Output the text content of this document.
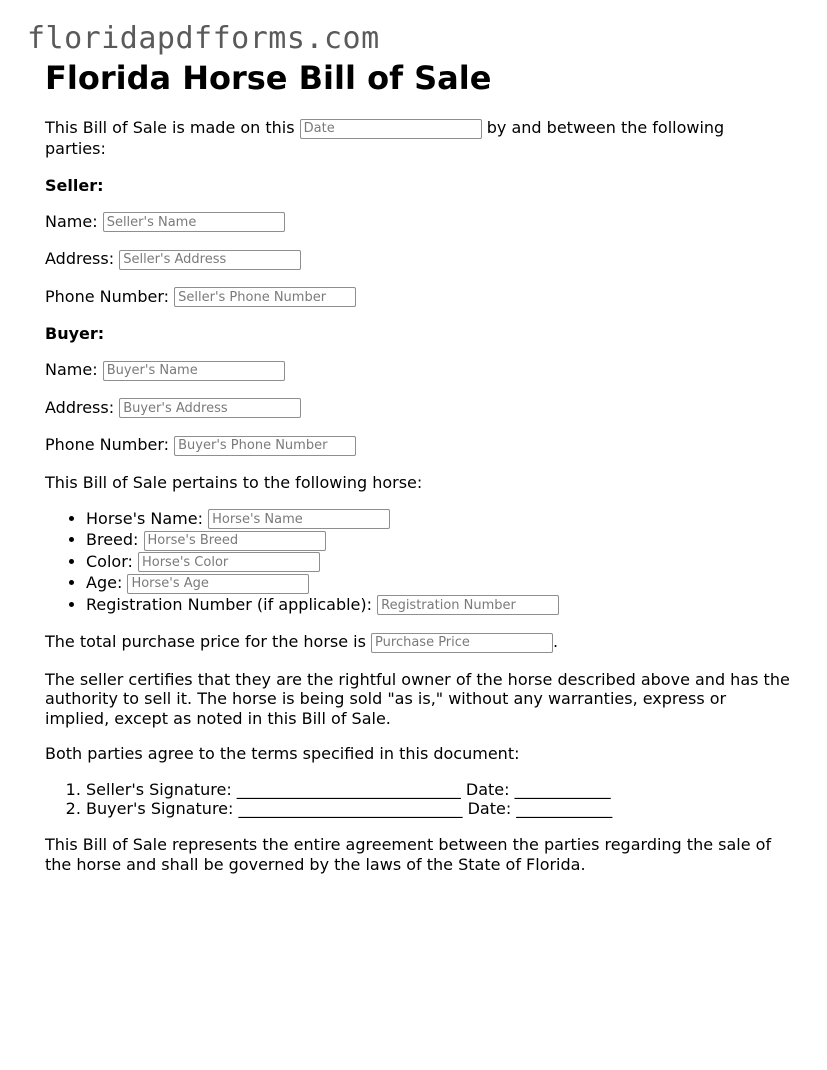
floridapdfforms.com
Florida Horse Bill of Sale

This Bill of Sale is made on this Date	by and between the following parties:

Seller:

Name: Seller's Name

Address: Seller's Address

Phone Number: Seller's Phone Number

Buyer:

Name: Buyer's Name

Address: Buyer's Address

Phone Number: Buyer's Phone Number

This Bill of Sale pertains to the following horse:

• Horse's Name: Horse's Name
• Breed: Horse's Breed
• Color: Horse's Color
• Age: Horse's Age
• Registration Number (if applicable): Registration Number

The total purchase price for the horse is Purchase Price	.

The seller certifies that they are the rightful owner of the horse described above and has the authority to sell it. The horse is being sold "as is," without any warranties, express or implied, except as noted in this Bill of Sale.

Both parties agree to the terms specified in this document:

1. Seller's Signature: ____________________________ Date: ____________
2. Buyer's Signature: ____________________________ Date: ____________

This Bill of Sale represents the entire agreement between the parties regarding the sale of the horse and shall be governed by the laws of the State of Florida.
